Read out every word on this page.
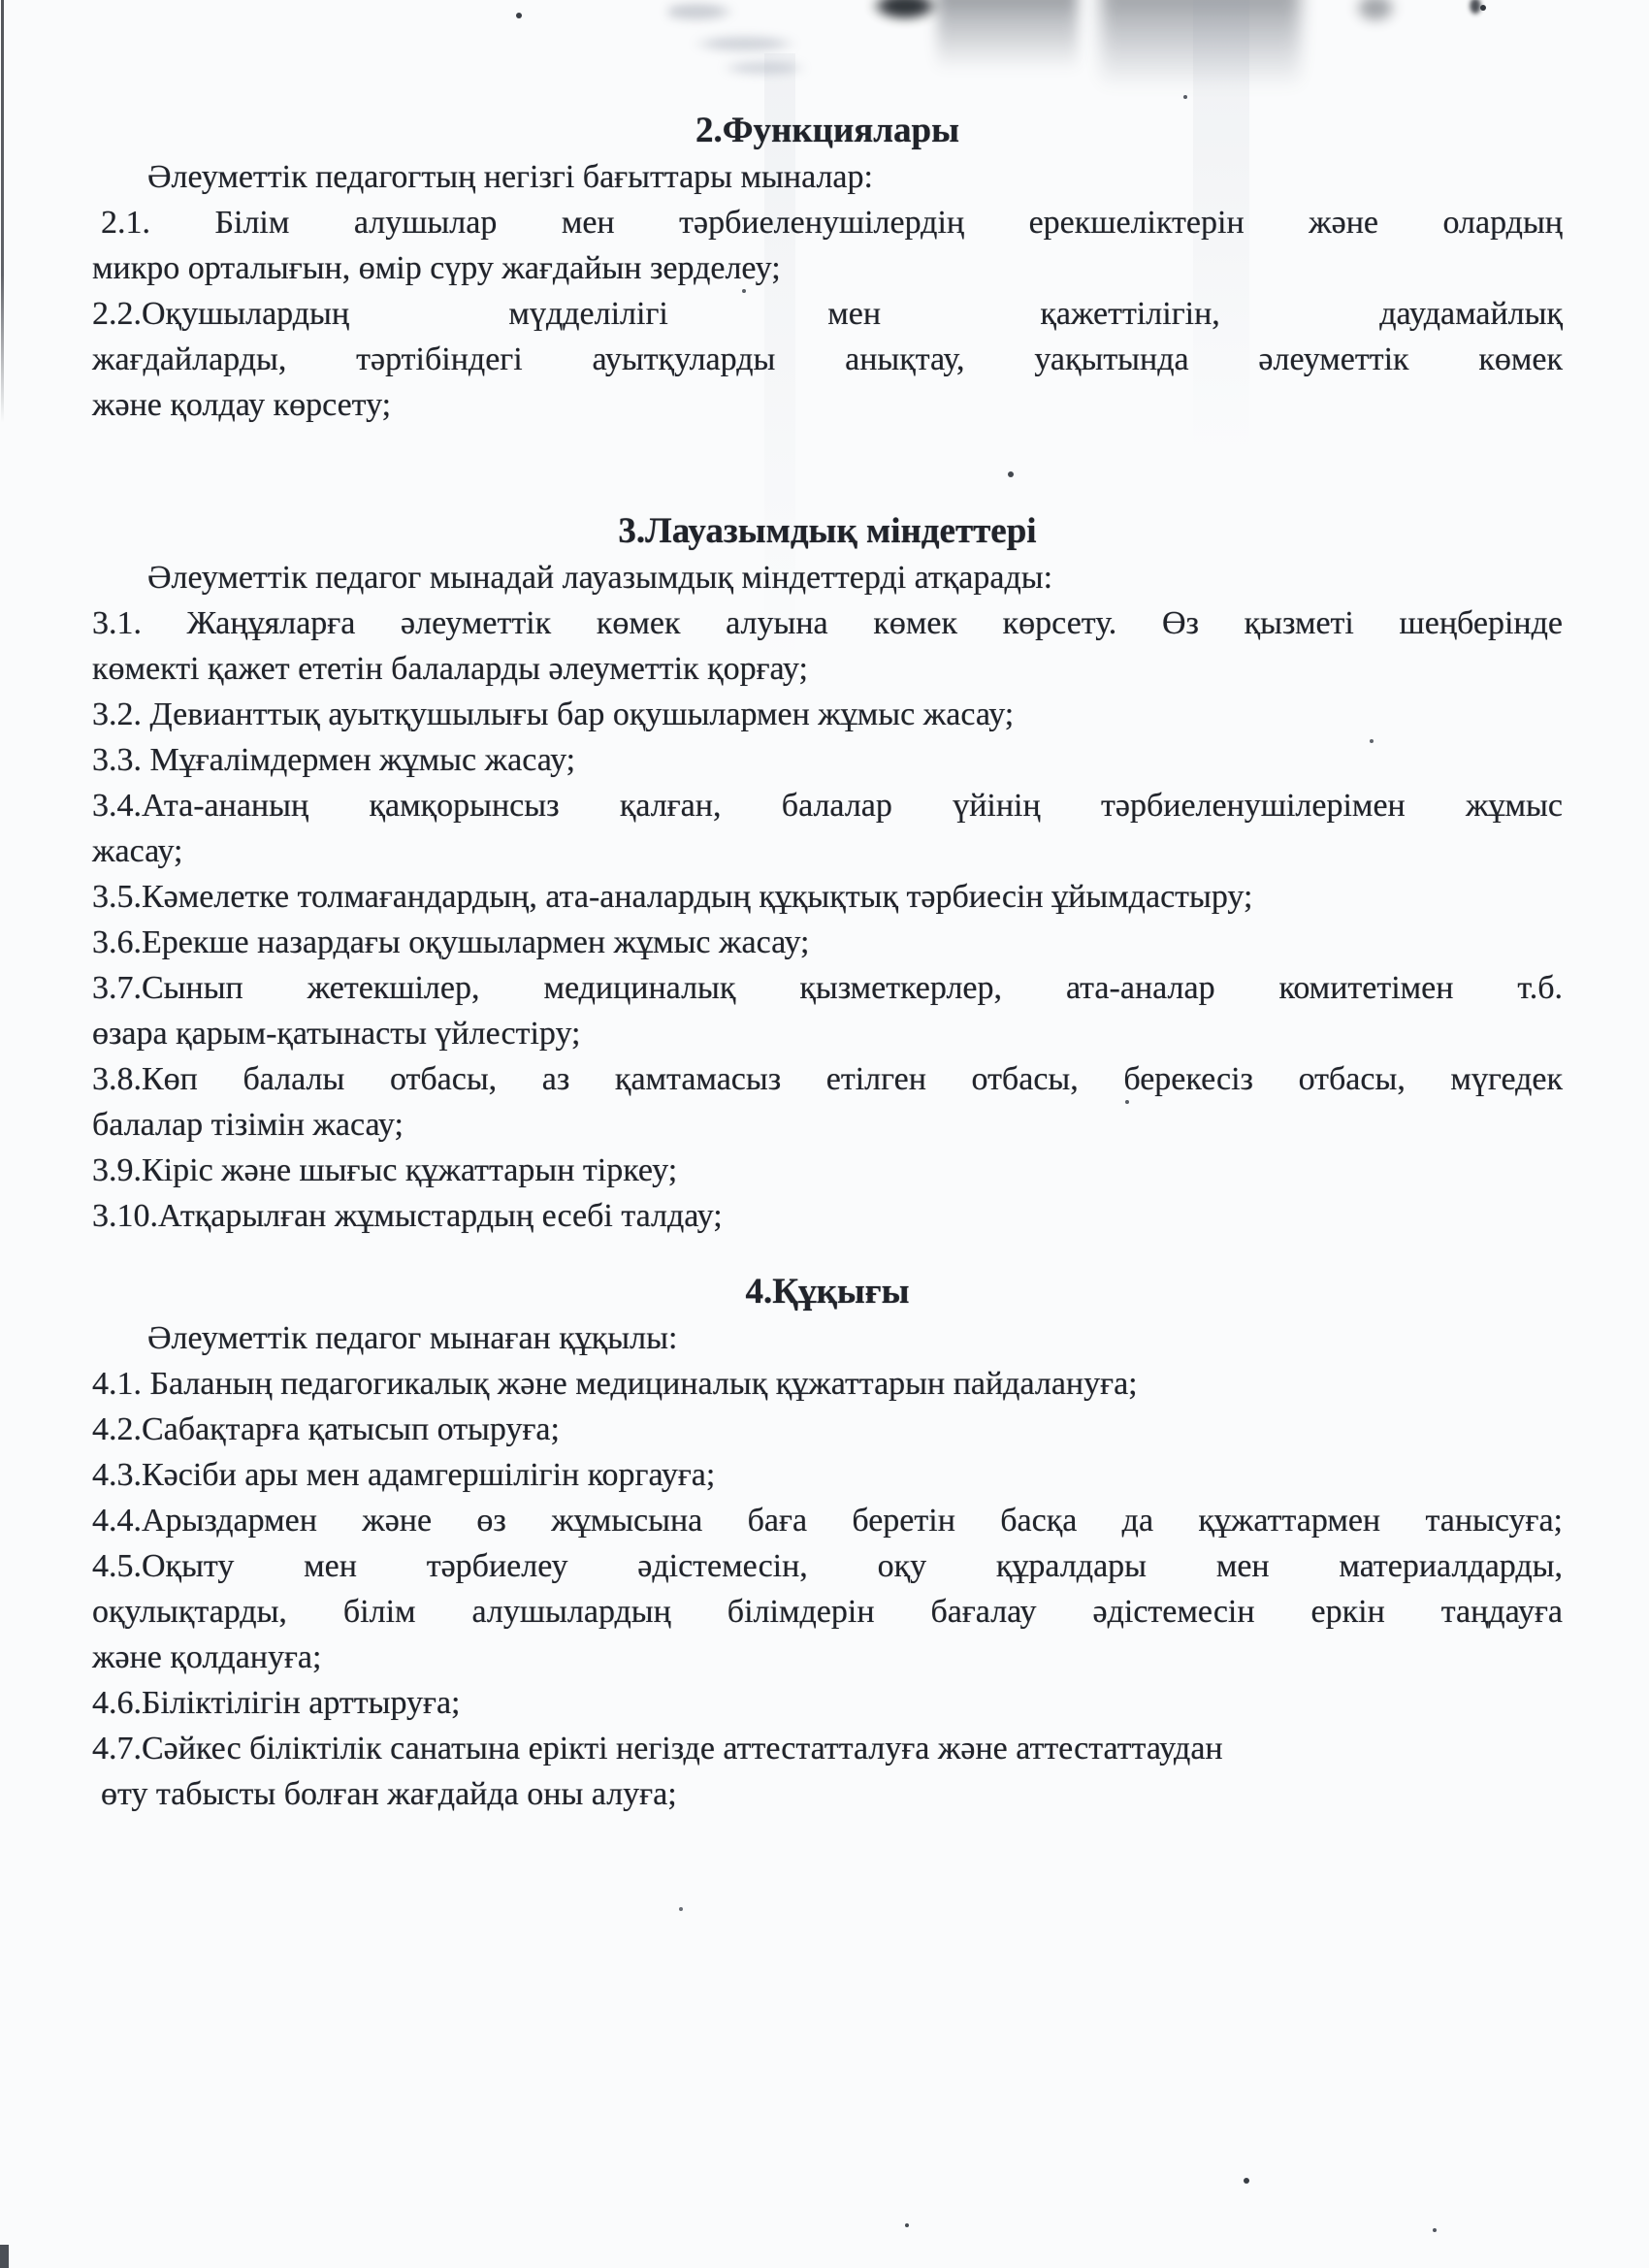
2.Функциялары
Әлеуметтік педагогтың негізгі бағыттары мыналар:
2.1. Білім алушылар мен тәрбиеленушілердің ерекшеліктерін және олардың
микро орталығын, өмір сүру жағдайын зерделеу;
2.2.Оқушылардың мүдделілігі мен қажеттілігін, даудамайлық
жағдайларды, тәртібіндегі ауытқуларды анықтау, уақытында әлеуметтік көмек
және қолдау көрсету;
3.Лауазымдық міндеттері
Әлеуметтік педагог мынадай лауазымдық міндеттерді атқарады:
3.1. Жаңұяларға әлеуметтік көмек алуына көмек көрсету. Өз қызметі шеңберінде
көмекті қажет ететін балаларды әлеуметтік қорғау;
3.2. Девианттық ауытқушылығы бар оқушылармен жұмыс жасау;
3.3. Мұғалімдермен жұмыс жасау;
3.4.Ата-ананың қамқорынсыз қалған, балалар үйінің тәрбиеленушілерімен жұмыс
жасау;
3.5.Кәмелетке толмағандардың, ата-аналардың құқықтық тәрбиесін ұйымдастыру;
3.6.Ерекше назардағы оқушылармен жұмыс жасау;
3.7.Сынып жетекшілер, медициналық қызметкерлер, ата-аналар комитетімен т.б.
өзара қарым-қатынасты үйлестіру;
3.8.Көп балалы отбасы, аз қамтамасыз етілген отбасы, берекесіз отбасы, мүгедек
балалар тізімін жасау;
3.9.Кіріс және шығыс құжаттарын тіркеу;
3.10.Атқарылған жұмыстардың есебі талдау;
4.Құқығы
Әлеуметтік педагог мынаған құқылы:
4.1. Баланың педагогикалық және медициналық құжаттарын пайдалануға;
4.2.Сабақтарға қатысып отыруға;
4.3.Кәсіби ары мен адамгершілігін коргауға;
4.4.Арыздармен және өз жұмысына баға беретін басқа да құжаттармен танысуға;
4.5.Оқыту мен тәрбиелеу әдістемесін, оқу құралдары мен материалдарды,
оқулықтарды, білім алушылардың білімдерін бағалау әдістемесін еркін таңдауға
және қолдануға;
4.6.Біліктілігін арттыруға;
4.7.Сәйкес біліктілік санатына ерікті негізде аттестатталуға және аттестаттаудан
өту табысты болған жағдайда оны алуға;
